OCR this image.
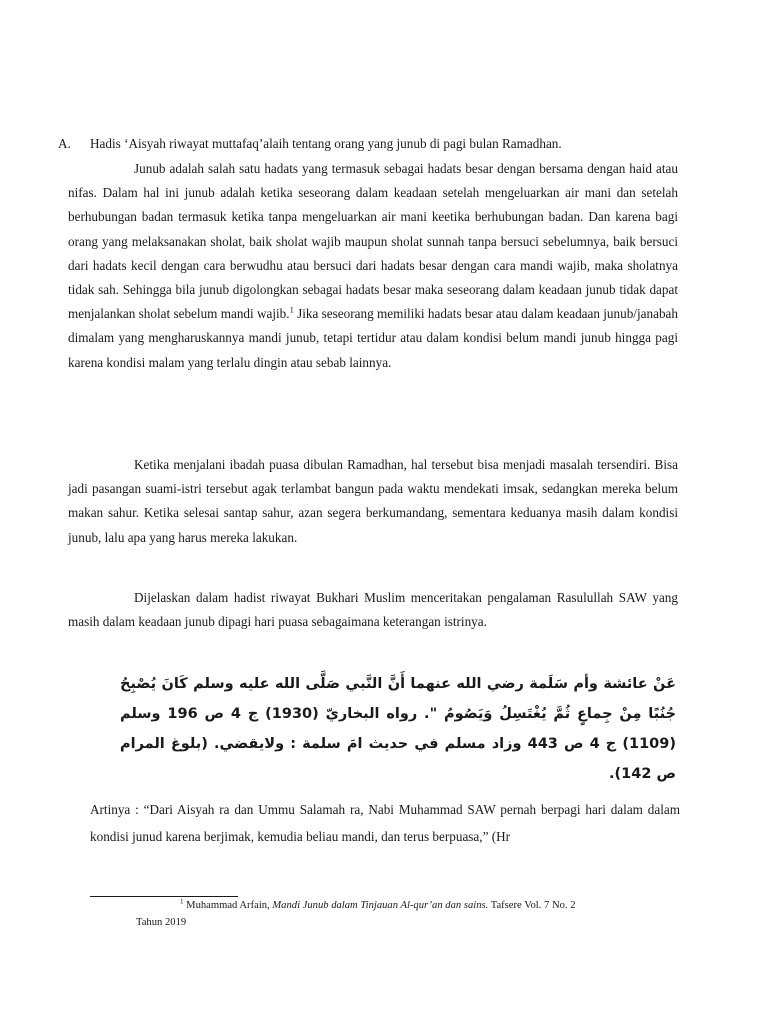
A. Hadis ‘Aisyah riwayat muttafaq’alaih tentang orang yang junub di pagi bulan Ramadhan.
Junub adalah salah satu hadats yang termasuk sebagai hadats besar dengan bersama dengan haid atau nifas. Dalam hal ini junub adalah ketika seseorang dalam keadaan setelah mengeluarkan air mani dan setelah berhubungan badan termasuk ketika tanpa mengeluarkan air mani keetika berhubungan badan. Dan karena bagi orang yang melaksanakan sholat, baik sholat wajib maupun sholat sunnah tanpa bersuci sebelumnya, baik bersuci dari hadats kecil dengan cara berwudhu atau bersuci dari hadats besar dengan cara mandi wajib, maka sholatnya tidak sah. Sehingga bila junub digolongkan sebagai hadats besar maka seseorang dalam keadaan junub tidak dapat menjalankan sholat sebelum mandi wajib.$^1$ Jika seseorang memiliki hadats besar atau dalam keadaan junub/janabah dimalam yang mengharuskannya mandi junub, tetapi tertidur atau dalam kondisi belum mandi junub hingga pagi karena kondisi malam yang terlalu dingin atau sebab lainnya.
Ketika menjalani ibadah puasa dibulan Ramadhan, hal tersebut bisa menjadi masalah tersendiri. Bisa jadi pasangan suami-istri tersebut agak terlambat bangun pada waktu mendekati imsak, sedangkan mereka belum makan sahur. Ketika selesai santap sahur, azan segera berkumandang, sementara keduanya masih dalam kondisi junub, lalu apa yang harus mereka lakukan.
Dijelaskan dalam hadist riwayat Bukhari Muslim menceritakan pengalaman Rasulullah SAW yang masih dalam keadaan junub dipagi hari puasa sebagaimana keterangan istrinya.
عَنْ عائشة وأم سَلَمة رضي الله عنهما أَنَّ النَّبي صَلَّى الله عليه وسلم كَانَ يُصْبِحُ جُنُبًا مِنْ جِماعٍ ثُمَّ يُغْتَسِلُ وَيَصُومُ ". رواه البخاريّ (1930) ج 4 ص 196 وسلم (1109) ج 4 ص 443 وزاد مسلم في حديث امَ سلمة : ولايقضي. (بلوغ المرام ص 142).
Artinya : “Dari Aisyah ra dan Ummu Salamah ra, Nabi Muhammad SAW pernah berpagi hari dalam dalam kondisi junud karena berjimak, kemudia beliau mandi, dan terus berpuasa,” (Hr
$^1$ Muhammad Arfain, Mandi Junub dalam Tinjauan Al-qur’an dan sains. Tafsere Vol. 7 No. 2
Tahun 2019
